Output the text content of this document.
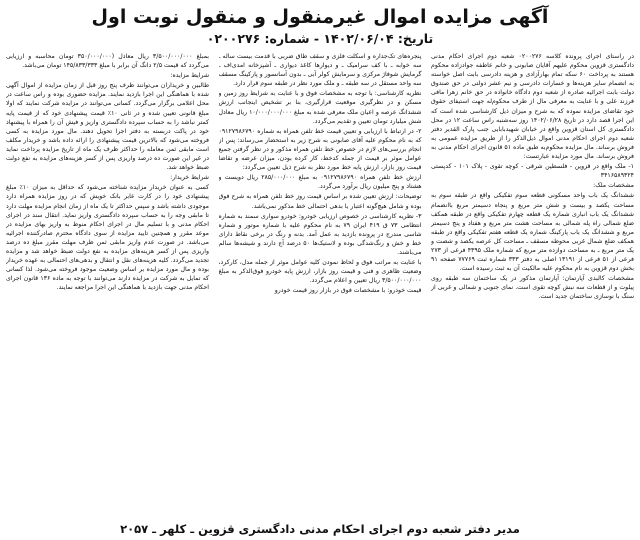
آگهی مزایده اموال غیرمنقول و منقول نوبت اول
تاریخ: ۱۴۰۲/۰۶/۰۴ - شماره: ۰۲۰۰۲۷۶

در راستای اجرای پرونده کلاسه ۰۲۰۰۲۷۶ شعبه دوم اجرای احکام مدنی دادگستری قزوین محکوم علیهم آقایان صابونی و خانم عاطفه جوادزاده محکوم هستند به پرداخت ۶۰ سکه تمام بهارآزادی و هزینه دادرسی بابت اصل خواسته به انضمام سایر هزینه‌ها و خسارات دادرسی و نیم عشر دولتی در حق صندوق دولت بابت اجرائیه صادره از شعبه دوم دادگاه خانواده در حق خانم زهرا مافی فرزند علی و با عنایت به معرفی مال از طرف محکوم‌له جهت استیفای حقوق خود تقاضای مزایده نموده که به شرح و میزان ذیل کارشناسی شده است که این اجرا قصد دارد در تاریخ ۱۴۰۲/۰۶/۲۸ روز سه‌شنبه راس ساعت ۱۲ در محل دادگستری کل استان قزوین واقع در خیابان شهیدبابایی جنب پارک القدیر دفتر شعبه دوم اجرای احکام مدنی اموال ذیل‌الذکر را از طریق مزایده عمومی به فروش برساند. مال مزایده محکوم‌به طبق ماده ۵۱ قانون اجرای احکام مدنی به فروش برساند. مال مورد مزایده عبارتست:

۱- ملک واقع در قزوین - فلسطین شرقی - کوچه تقوی - پلاک ۱۰۱ - کدپستی ۳۴۱۶۵۸۹۳۲۴

مشخصات ملک:

ششدانگ یک باب واحد مسکونی قطعه سوم تفکیکی واقع در طبقه سوم به مساحت یکصد و بیست و شش متر مربع و پنجاه دسیمتر مربع باانضمام ششدانگ یک باب انباری شماره یک قطعه چهارم تفکیکی واقع در طبقه همکف ضلع شمالی راه پله شمالی به مساحت هشت متر مربع و هفتاد و پنج دسیمتر مربع و ششدانگ یک باب پارکینگ شماره یک قطعه هفتم تفکیکی واقع در طبقه همکف ضلع شمال غربی محوطه مسقف ـ مساحت کل عرصه یکصد و شصت و یک متر مربع ـ به مساحت دوازده متر مربع که شماره ملک ۴۳۹۵ فرعی از ۲۷۳ فرعی از ۵۱ فرعی از ۱۳۱۹۱ اصلی به دفتر ۳۳۳ شماره ثبت ۷۷۷۶۹ صفحه ۹۱ بخش دوم قزوین به نام محکوم علیه مالکیت آن به ثبت رسیده است.

مشخصات کالبدی آپارتمان: آپارتمان مذکور در یک ساختمان سه طبقه روی پیلوت و از قطعات سه نبش کوچه تقوی است. نمای جنوبی و شمالی و غربی از سنگ با نوسازی ساختمان جدید است.

پنجره‌های تک‌جداره و اسکلت فلزی و سقف طاق ضربی با قدمت بیست ساله ـ سه خوابه ـ با کف سرامیک ـ و دیوارها کاغذ دیواری ـ آشپزخانه امدی‌اف ـ گرمایش شوفاژ مرکزی و سرمایش کولر آبی ـ بدون آسانسور و پارکینگ مسقف سه واحد مستقل در سه طبقه ـ و ملک مورد نظر در طبقه سوم قرار دارد.

نظریه کارشناسی: با توجه به مشخصات فوق و با عنایت به شرایط روز زمین و مسکن و در نظرگیری موقعیت قرارگیری، بنا بر تشخیص اینجانب ارزش ششدانگ عرصه و اعیان ملک معرفی شده به مبلغ ۱۰/۰۰۰/۰۰۰/۰۰۰ ریال معادل شش میلیارد تومان تعیین و تقدیم می‌گردد.

۲- در ارتباط با ارزیابی و تعیین قیمت خط تلفن همراه به شماره ۰۹۱۲۷۹۸۶۷۹۰ که به نام محکوم علیه آقای صابونی به شرح زیر به استحضار می‌رساند: پس از انجام بررسی‌های لازم در خصوص خط تلفن همراه مذکور و در نظر گرفتن جمیع عوامل موثر بر قیمت از جمله کدخط، کار کرده بودن، میزان عرضه و تقاضا قیمت روز بازار، ارزش پایه خط مورد نظر به شرح ذیل تعیین می‌گردد:

ارزش خط تلفن همراه ۰۹۱۲۷۹۸۶۷۹۰ به مبلغ ۲۸۵/۰۰۰/۰۰۰ ریال دویست و هشتاد و پنج میلیون ریال برآورد می‌گردد.

توضیحات: ارزش تعیین شده بر اساس قیمت روز خط تلفن همراه به شرح فوق بوده و شامل هیچ‌گونه اعتبار یا بدهی احتمالی خط مذکور نمی‌باشد.

۳- نظریه کارشناسی در خصوص ارزیابی خودرو: خودرو سواری سمند به شماره انتظامی ۷۳ ق ۴۱۹ ایران ۷۹ به نام محکوم علیه با شماره موتور و شماره شاسی مندرج در پرونده بازدید به عمل آمد. بدنه و رنگ در برخی نقاط دارای خط و خش و رنگ‌شدگی بوده و لاستیک‌ها ۵۰ درصد آج دارند و شیشه‌ها سالم می‌باشند.

با عنایت به مراتب فوق و لحاظ نمودن کلیه عوامل موثر از جمله مدل، کارکرد، وضعیت ظاهری و فنی و قیمت روز بازار، ارزش پایه خودرو فوق‌الذکر به مبلغ ۳/۵۰۰/۰۰۰/۰۰۰ ریال تعیین و اعلام می‌گردد.

قیمت خودرو: با مشخصات فوق در بازار روز قیمت خودرو

بمبلغ ۳/۵۰۰/۰۰۰/۰۰۰ ریال معادل (۳۵۰/۰۰۰/۰۰۰ تومان محاسبه و ارزیابی می‌گردد که قیمت ۲/۵ دانگ آن برابر با مبلغ ۱۴۵/۸۳۳/۳۳۳ تومان می‌باشد.

شرایط مزایده:

طالبین و خریداران می‌توانند ظرف پنج روز قبل از زمان مزایده از اموال آگهی شده با هماهنگی این اجرا بازدید نمایند. مزایده حضوری بوده و راس ساعت در محل اعلامی برگزار می‌گردد. کسانی می‌توانند در مزایده شرکت نمایند که اولا مبلغ قانونی تعیین شده و در ثانی ۱۰٪ قیمت پیشنهادی خود که از قیمت پایه کمتر نباشد را به حساب سپرده دادگستری واریز و فیش آن را همراه با پیشنهاد خود در پاکت دربسته به دفتر اجرا تحویل دهند. مال مورد مزایده به کسی فروخته می‌شود که بالاترین قیمت پیشنهادی را ارائه داده باشد و خریدار مکلف است مابقی ثمن معامله را حداکثر ظرف یک ماه از تاریخ مزایده پرداخت نماید در غیر این صورت ده درصد واریزی پس از کسر هزینه‌های مزایده به نفع دولت ضبط خواهد شد.

شرایط خریدار:

کسی به عنوان خریدار مزایده شناخته می‌شود که حداقل به میزان ۱۰٪ مبلغ پیشنهادی خود را در کارت عابر بانک خویش که در روز مزایده همراه دارد موجودی داشته باشد و سپس حداکثر تا یک ماه از زمان انجام مزایده مهلت دارد تا مابقی وجه را به حساب سپرده دادگستری واریز نماید. انتقال سند در اجرای احکام مدنی و با تسلیم مال در اجرای احکام منوط به واریز بهای مزایده در موعد مقرر و همچنین تایید مزایده از سوی دادگاه محترم صادرکننده اجرائیه می‌باشد. در صورت عدم واریز مابقی ثمن ظرف مهلت مقرر مبلغ ده درصد واریزی پس از کسر هزینه‌های مزایده به نفع دولت ضبط خواهد شد و مزایده تجدید می‌گردد. کلیه هزینه‌های نقل و انتقال و بدهی‌های احتمالی به عهده خریدار بوده و مال مورد مزایده بر اساس وضعیت موجود فروخته می‌شود. لذا کسانی که تمایل به شرکت در مزایده دارند می‌توانند با توجه به ماده ۱۳۶ قانون اجرای احکام مدنی جهت بازدید با هماهنگی این اجرا مراجعه نمایند.

مدیر دفتر شعبه دوم اجرای احکام مدنی دادگستری قزوین ـ کلهر ـ ۲۰۵۷
